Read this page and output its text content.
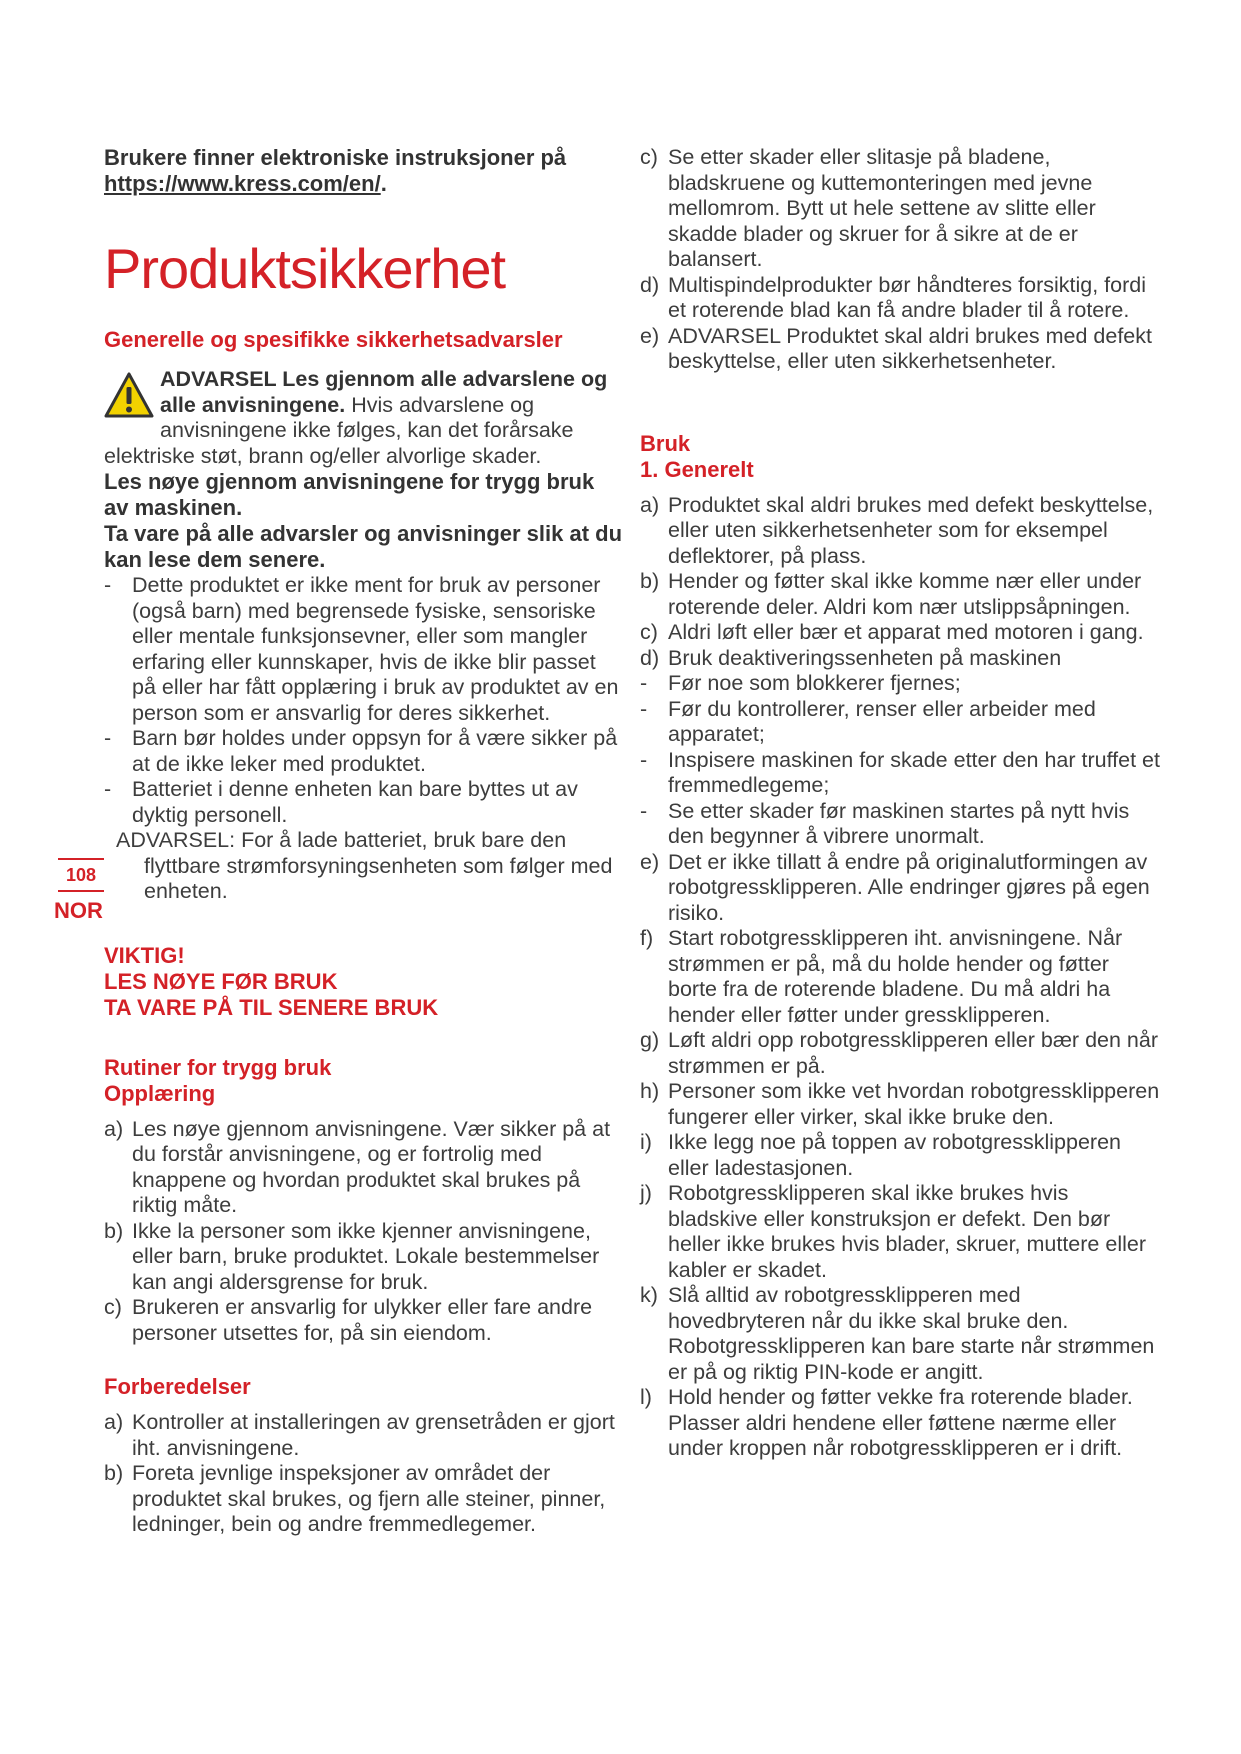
Brukere finner elektroniske instruksjoner på
https://www.kress.com/en/.

Produktsikkerhet
Generelle og spesifikke sikkerhetsadvarsler
ADVARSEL Les gjennom alle advarslene og alle anvisningene. Hvis advarslene og anvisningene ikke følges, kan det forårsake elektriske støt, brann og/eller alvorlige skader.

Les nøye gjennom anvisningene for trygg bruk av maskinen.

Ta vare på alle advarsler og anvisninger slik at du kan lese dem senere.

- Dette produktet er ikke ment for bruk av personer (også barn) med begrensede fysiske, sensoriske eller mentale funksjonsevner, eller som mangler erfaring eller kunnskaper, hvis de ikke blir passet på eller har fått opplæring i bruk av produktet av en person som er ansvarlig for deres sikkerhet.
- Barn bør holdes under oppsyn for å være sikker på at de ikke leker med produktet.
- Batteriet i denne enheten kan bare byttes ut av dyktig personell.
ADVARSEL: For å lade batteriet, bruk bare den
flyttbare strømforsyningsenheten som følger med enheten.

VIKTIG!

LES NØYE FØR BRUK

TA VARE PÅ TIL SENERE BRUK

Rutiner for trygg bruk
Opplæring
a) Les nøye gjennom anvisningene. Vær sikker på at du forstår anvisningene, og er fortrolig med knappene og hvordan produktet skal brukes på riktig måte.
b) Ikke la personer som ikke kjenner anvisningene, eller barn, bruke produktet. Lokale bestemmelser kan angi aldersgrense for bruk.
c) Brukeren er ansvarlig for ulykker eller fare andre personer utsettes for, på sin eiendom.
Forberedelser
a) Kontroller at installeringen av grensetråden er gjort iht. anvisningene.
b) Foreta jevnlige inspeksjoner av området der produktet skal brukes, og fjern alle steiner, pinner, ledninger, bein og andre fremmedlegemer.
108
NOR
c) Se etter skader eller slitasje på bladene, bladskruene og kuttemonteringen med jevne mellomrom. Bytt ut hele settene av slitte eller skadde blader og skruer for å sikre at de er balansert.
d) Multispindelprodukter bør håndteres forsiktig, fordi et roterende blad kan få andre blader til å rotere.
e) ADVARSEL Produktet skal aldri brukes med defekt beskyttelse, eller uten sikkerhetsenheter.
Bruk
1. Generelt
a) Produktet skal aldri brukes med defekt beskyttelse, eller uten sikkerhetsenheter som for eksempel deflektorer, på plass.
b) Hender og føtter skal ikke komme nær eller under roterende deler. Aldri kom nær utslippsåpningen.
c) Aldri løft eller bær et apparat med motoren i gang.
d) Bruk deaktiveringssenheten på maskinen
- Før noe som blokkerer fjernes;
- Før du kontrollerer, renser eller arbeider med apparatet;
- Inspisere maskinen for skade etter den har truffet et fremmedlegeme;
- Se etter skader før maskinen startes på nytt hvis den begynner å vibrere unormalt.
e) Det er ikke tillatt å endre på originalutformingen av robotgressklipperen. Alle endringer gjøres på egen risiko.
f) Start robotgressklipperen iht. anvisningene. Når strømmen er på, må du holde hender og føtter borte fra de roterende bladene. Du må aldri ha hender eller føtter under gressklipperen.
g) Løft aldri opp robotgressklipperen eller bær den når strømmen er på.
h) Personer som ikke vet hvordan robotgressklipperen fungerer eller virker, skal ikke bruke den.
i) Ikke legg noe på toppen av robotgressklipperen eller ladestasjonen.
j) Robotgressklipperen skal ikke brukes hvis bladskive eller konstruksjon er defekt. Den bør heller ikke brukes hvis blader, skruer, muttere eller kabler er skadet.
k) Slå alltid av robotgressklipperen med hovedbryteren når du ikke skal bruke den. Robotgressklipperen kan bare starte når strømmen er på og riktig PIN-kode er angitt.
l) Hold hender og føtter vekke fra roterende blader. Plasser aldri hendene eller føttene nærme eller under kroppen når robotgressklipperen er i drift.
